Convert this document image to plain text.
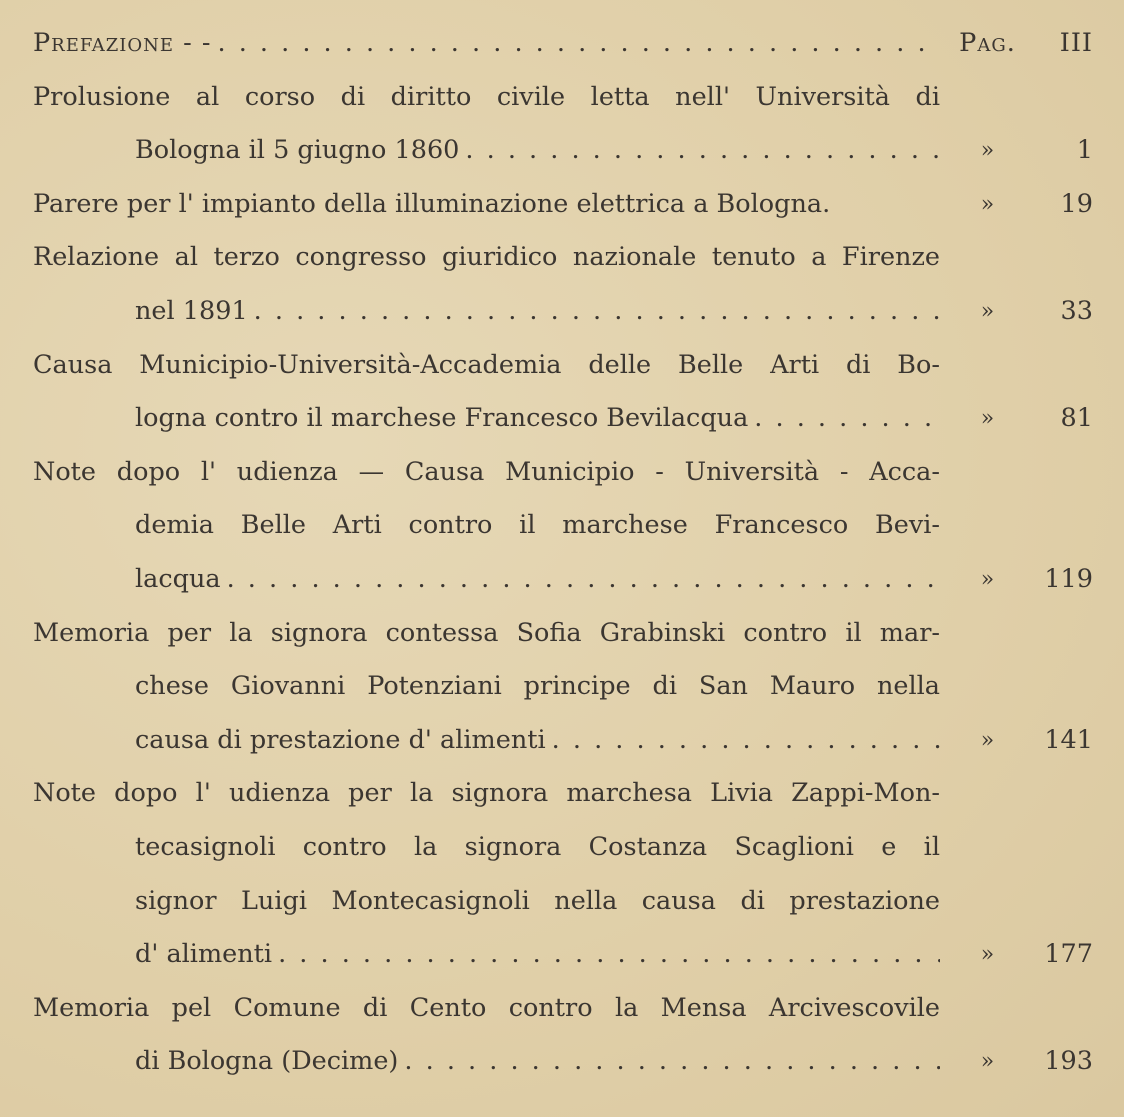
Prefazione - - . . .	Pag.	III
Prolusione al corso di diritto civile letta nell' Università di
Bologna il 5 giugno 1860 . . .	»	1
Parere per l' impianto della illuminazione elettrica a Bologna.	»	19
Relazione al terzo congresso giuridico nazionale tenuto a Firenze
nel 1891 . . .	»	33
Causa Municipio-Università-Accademia delle Belle Arti di Bo-
logna contro il marchese Francesco Bevilacqua . . .	»	81
Note dopo l' udienza — Causa Municipio - Università - Acca-
demia Belle Arti contro il marchese Francesco Bevi-
lacqua . . .	»	119
Memoria per la signora contessa Sofia Grabinski contro il mar-
chese Giovanni Potenziani principe di San Mauro nella
causa di prestazione d' alimenti . . .	»	141
Note dopo l' udienza per la signora marchesa Livia Zappi-Mon-
tecasignoli contro la signora Costanza Scaglioni e il
signor Luigi Montecasignoli nella causa di prestazione
d' alimenti . . .	»	177
Memoria pel Comune di Cento contro la Mensa Arcivescovile
di Bologna (Decime) . . .	»	193
